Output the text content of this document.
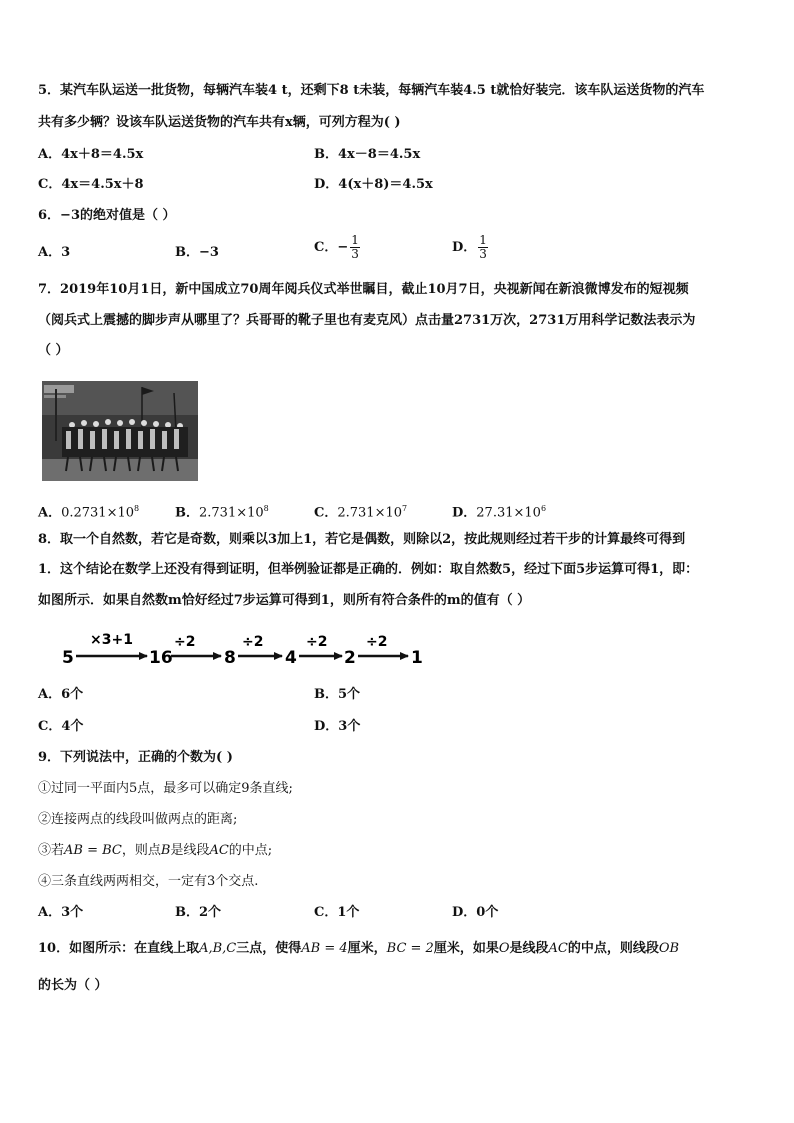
5．某汽车队运送一批货物，每辆汽车装4 t，还剩下8 t未装，每辆汽车装4.5 t就恰好装完．该车队运送货物的汽车
共有多少辆？设该车队运送货物的汽车共有x辆，可列方程为( )
A．4x＋8＝4.5x	B．4x－8＝4.5x
C．4x＝4.5x＋8	D．4(x＋8)＝4.5x
6．−3的绝对值是（ ）
A．3	B．−3	C．− $\frac{1}{3}$	D． $\frac{1}{3}$
7．2019年10月1日，新中国成立70周年阅兵仪式举世瞩目，截止10月7日，央视新闻在新浪微博发布的短视频
（阅兵式上震撼的脚步声从哪里了？兵哥哥的靴子里也有麦克风）点击量2731万次，2731万用科学记数法表示为
（ ）
A．$0.2731\times 10^8$	B．$2.731\times 10^8$	C．$2.731\times 10^7$	D．$27.31\times 10^6$
8．取一个自然数，若它是奇数，则乘以3加上1，若它是偶数，则除以2，按此规则经过若干步的计算最终可得到
1．这个结论在数学上还没有得到证明，但举例验证都是正确的．例如：取自然数5，经过下面5步运算可得1，即：
如图所示．如果自然数m恰好经过7步运算可得到1，则所有符合条件的m的值有（ ）
5	16	8	4	2	1
×3+1	÷2	÷2	÷2	÷2
A．6个	B．5个
C．4个	D．3个
9．下列说法中，正确的个数为( )
①过同一平面内5点，最多可以确定9条直线;
②连接两点的线段叫做两点的距离;
③若AB = BC，则点B是线段AC的中点;
④三条直线两两相交，一定有3个交点.
A．3个	B．2个	C．1个	D．0个
10．如图所示：在直线上取A,B,C三点，使得AB = 4厘米，BC = 2厘米，如果O是线段AC的中点，则线段OB
的长为（ ）
